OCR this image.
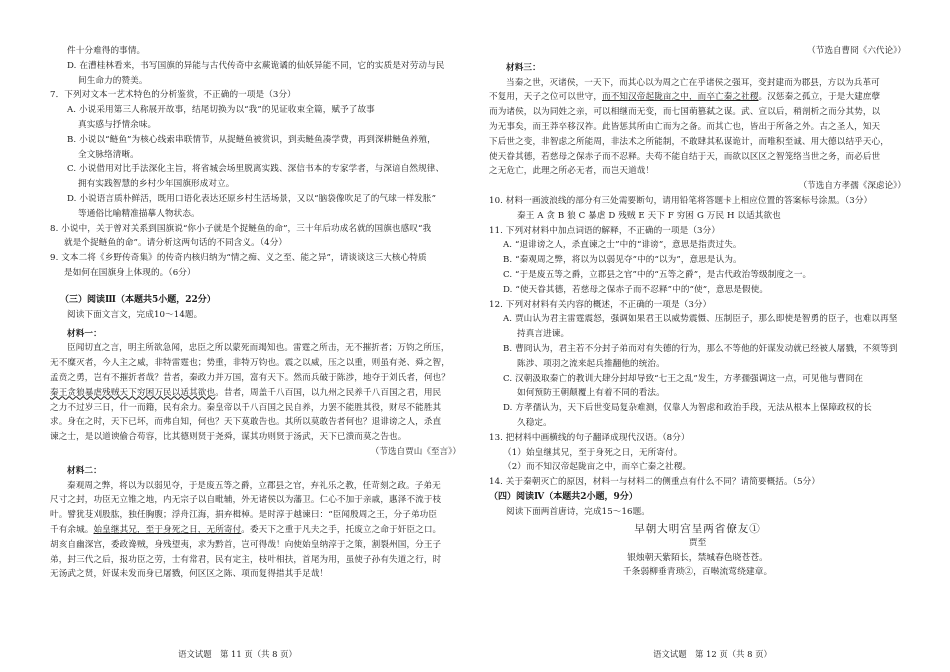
件十分难得的事情。

D. 在漕桂林看来，书写国旗的异能与古代传奇中玄蕨诡谲的仙妖异能不同，它的实质是对劳动与民

间生命力的赞美。

7．下列对文本一艺术特色的分析鉴赏，不正确的一项是（3分）

A. 小说采用第三人称展开故事，结尾切换为以“我”的见证收束全篇，赋予了故事

真实感与抒情余味。

B. 小说以“鲢鱼”为核心线索串联情节，从捉鲢鱼被赏识，到卖鲢鱼凑学费，再到深耕鲢鱼养殖，

全文脉络清晰。

C. 小说借用对比手法深化主旨，将省城会场里脱离实践、深信书本的专家学者，与深谙自然规律、

拥有实践智慧的乡村少年国旗形成对立。

D. 小说语言质朴鲜活，既用口语化表达还原乡村生活场景，又以“脑袋像吹足了的气球一样发胀”

等通俗比喻精准描摹人物状态。

8. 小说中，关于曾对关系到国旗说“你小子就是个捉鲢鱼的命”，三十年后功成名就的国旗也感叹“我

就是个捉鲢鱼的命”。请分析这两句话的不同含义。（4分）

9. 文本二将《乡野传奇集》的传奇内核归纳为“情之痴、义之至、能之异”，请谈谈这三大核心特质

是如何在国旗身上体现的。（6分）

（三）阅读Ⅲ（本题共5小题，22分）

阅读下面文言文，完成10～14题。

材料一：

臣闻切直之言，明主所欲急闻，忠臣之所以蒙死而竭知也。雷霆之所击，无不摧折者；万钧之所压，

无不糜灭者，今人主之威，非特雷霆也；势重，非特万钧也。震之以威，压之以重，则虽有尧、舜之智，

孟贲之勇，岂有不摧折者哉？昔者，秦政力并万国，富有天下。然而兵破于陈涉，地夺于刘氏者，何也？

秦王贪狼暴虐残贼天下穷困万民以适其欲也。昔者，周盖千八百国，以九州之民养千八百国之君，用民

之力不过岁三日，什一而籍，民有余力。秦皇帝以千八百国之民自养，力罢不能胜其役，财尽不能胜其

求。身在之时，天下已坏，而弗自知，何也？天下莫敢告也。其所以莫敢告者何也？退诽谤之人，杀直

谏之士，是以道谀偷合苟容，比其德则贤于尧舜，谋其功则贤于汤武，天下已溃而莫之告也。

（节选自贾山《至言》）

材料二：

秦观周之弊，将以为以弱见夺，于是废五等之爵，立郡县之官，弃礼乐之教，任苛刻之政。子弟无

尺寸之封，功臣无立锥之地，内无宗子以自毗辅，外无诸侯以为藩卫。仁心不加于亲戚，惠泽不流于枝

叶。譬犹芟刈股肱，独任胸腹；浮舟江海，捐弃楫棹。是时淳于越谏曰：“臣闻殷周之王，分子弟功臣

千有余城。始皇继其兄，至于身死之日，无所寄付。委天下之重于凡夫之手，托废立之命于奸臣之口。

胡亥自幽深宫，委政谗贼，身残望夷，求为黔首，岂可得哉！向使始皇纳淳于之策，割裂州国，分王子

弟，封三代之后，报功臣之劳，士有常君，民有定主，枝叶相扶，首尾为用，虽使子孙有失道之行，时

无汤武之贤，奸谋未发而身已屠戮，何区区之陈、项而复得措其手足哉！

语文试题　第 11 页（共 8 页）

（节选自曹冏《六代论》）

材料三：

当秦之世，灭诸侯，一天下，而其心以为周之亡在乎诸侯之强耳，变封建而为郡县，方以为兵革可

不复用，天子之位可以世守，而不知汉帝起陇亩之中，而卒亡秦之社稷。汉惩秦之孤立，于是大建庶孽

而为诸侯，以为同姓之亲，可以相继而无变，而七国萌篡弑之谋。武、宣以后，稍剖析之而分其势，以

为无事矣，而王莽卒移汉祚。此皆惩其所由亡而为之备。而其亡也，皆出于所备之外。古之圣人，知天

下后世之变，非智虑之所能周，非法术之所能制，不敢肆其私谋诡计，而唯积至诚、用大德以结乎天心，

使天眷其德，若慈母之保赤子而不忍释。夫苟不能自结于天，而欲以区区之智笼络当世之务，而必后世

之无危亡，此理之所必无者，而岂天道哉！

（节选自方孝孺《深虑论》）

10. 材料一画波浪线的部分有三处需要断句，请用铅笔将答题卡上相应位置的答案标号涂黑。（3分）

秦王 A 贪 B 狼 C 暴虐 D 残贼 E 天下 F 穷困 G 万民 H 以适其欲也

11. 下列对材料中加点词语的解释，不正确的一项是（3分）

A. “退诽谤之人，杀直谏之士”中的“诽谤”，意思是指责过失。

B. “秦观周之弊，将以为以弱见夺”中的“以为”，意思是认为。

C. “于是废五等之爵，立郡县之官”中的“五等之爵”，是古代政治等级制度之一。

D. “使天眷其德，若慈母之保赤子而不忍释”中的“使”，意思是假使。

12. 下列对材料有关内容的概述，不正确的一项是（3分）

A. 贾山认为君主雷霆震怒，强调如果君王以威势震慑、压制臣子，那么即使是智勇的臣子，也难以再坚

持真言进谏。

B. 曹冏认为，君主若不分封子弟而对有失德的行为，那么不等他的奸谋发动就已经被人屠戮，不须等到

陈涉、项羽之流来起兵推翻他的统治。

C. 汉朝汲取秦亡的教训大肆分封却导致“七王之乱”发生，方孝孺强调这一点，可见他与曹冏在

如何预防王朝颠覆上有着不同的看法。

D. 方孝孺认为，天下后世变局复杂难测，仅靠人为智虑和政治手段，无法从根本上保障政权的长

久稳定。

13. 把材料中画横线的句子翻译成现代汉语。（8分）

（1）始皇继其兄，至于身死之日，无所寄付。

（2）而不知汉帝起陇亩之中，而卒亡秦之社稷。

14. 关于秦朝灭亡的原因，材料一与材料二的侧重点有什么不同？请简要概括。（5分）

（四）阅读Ⅳ（本题共2小题，9分）

阅读下面两首唐诗，完成15～16题。

早朝大明宫呈两省僚友①

贾至

银烛朝天紫陌长，禁城春色晓苍苍。

千条弱柳垂青琐②，百啭流莺绕建章。

语文试题　第 12 页（共 8 页）
